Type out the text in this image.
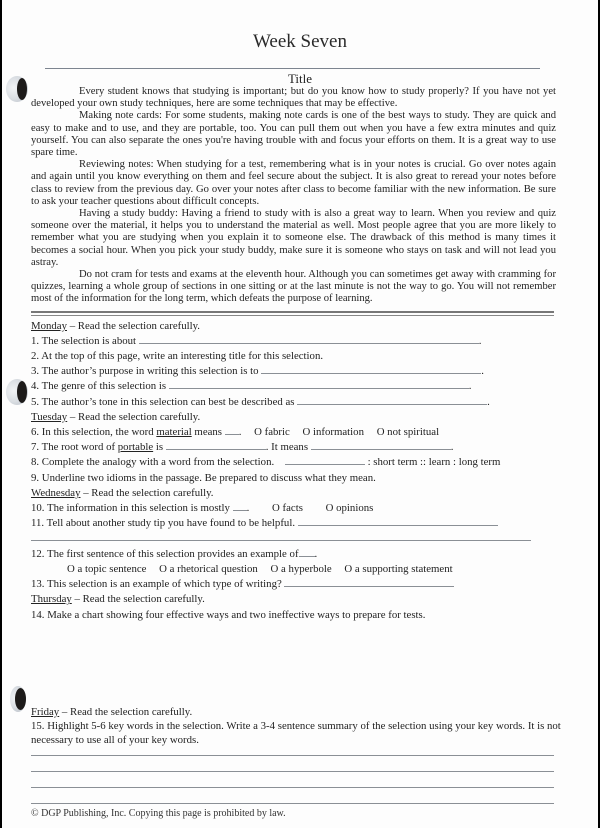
Week Seven
Title

Every student knows that studying is important; but do you know how to study properly? If you have not yet developed your own study techniques, here are some techniques that may be effective.

Making note cards: For some students, making note cards is one of the best ways to study. They are quick and easy to make and to use, and they are portable, too. You can pull them out when you have a few extra minutes and quiz yourself. You can also separate the ones you're having trouble with and focus your efforts on them. It is a great way to use spare time.

Reviewing notes: When studying for a test, remembering what is in your notes is crucial. Go over notes again and again until you know everything on them and feel secure about the subject. It is also great to reread your notes before class to review from the previous day. Go over your notes after class to become familiar with the new information. Be sure to ask your teacher questions about difficult concepts.

Having a study buddy: Having a friend to study with is also a great way to learn. When you review and quiz someone over the material, it helps you to understand the material as well. Most people agree that you are more likely to remember what you are studying when you explain it to someone else. The drawback of this method is many times it becomes a social hour. When you pick your study buddy, make sure it is someone who stays on task and will not lead you astray.

Do not cram for tests and exams at the eleventh hour. Although you can sometimes get away with cramming for quizzes, learning a whole group of sections in one sitting or at the last minute is not the way to go. You will not remember most of the information for the long term, which defeats the purpose of learning.

Monday – Read the selection carefully.
1. The selection is about	.
2. At the top of this page, write an interesting title for this selection.
3. The author’s purpose in writing this selection is to	.
4. The genre of this selection is	.
5. The author’s tone in this selection can best be described as	.
Tuesday – Read the selection carefully.
6. In this selection, the word material means . O fabric O information O not spiritual
7. The root word of portable is	. It means	.
8. Complete the analogy with a word from the selection.	: short term :: learn : long term
9. Underline two idioms in the passage. Be prepared to discuss what they mean.
Wednesday – Read the selection carefully.
10. The information in this selection is mostly . O facts O opinions
11. Tell about another study tip you have found to be helpful.
12. The first sentence of this selection provides an example of .
O a topic sentence O a rhetorical question O a hyperbole O a supporting statement
13. This selection is an example of which type of writing?
Thursday – Read the selection carefully.
14. Make a chart showing four effective ways and two ineffective ways to prepare for tests.
Friday – Read the selection carefully.
15. Highlight 5-6 key words in the selection. Write a 3-4 sentence summary of the selection using your key words. It is not necessary to use all of your key words.
© DGP Publishing, Inc. Copying this page is prohibited by law.
